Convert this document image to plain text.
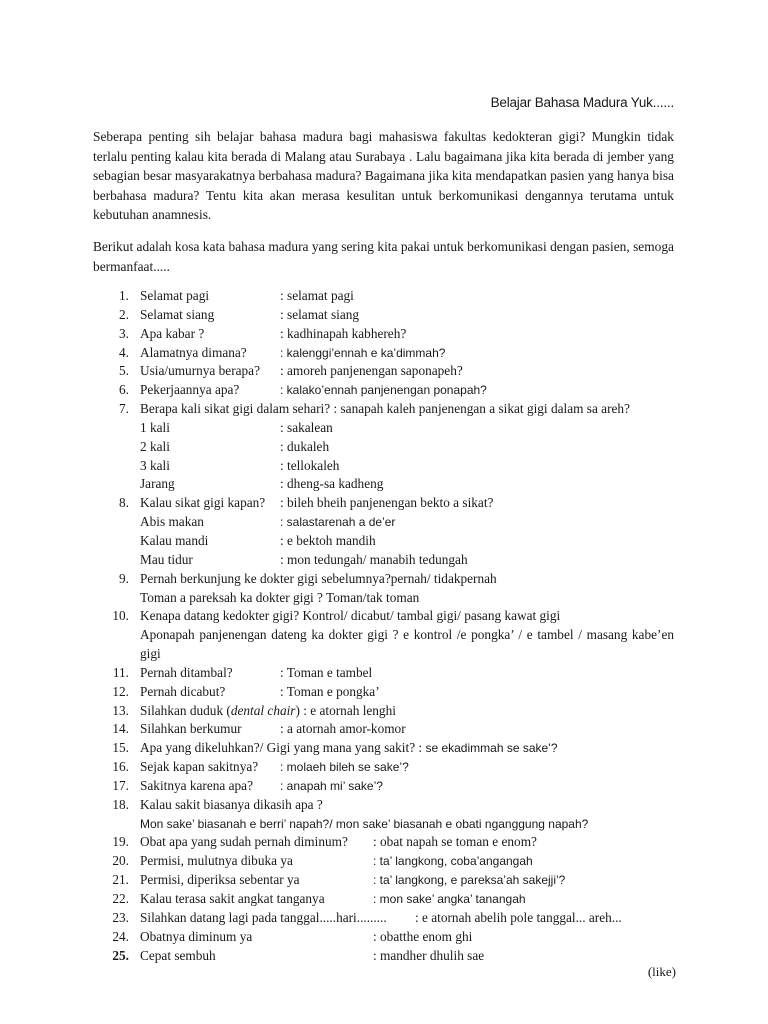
Belajar Bahasa Madura Yuk......

Seberapa penting sih belajar bahasa madura bagi mahasiswa fakultas kedokteran gigi? Mungkin tidak terlalu penting kalau kita berada di Malang atau Surabaya . Lalu bagaimana jika kita berada di jember yang sebagian besar masyarakatnya berbahasa madura? Bagaimana jika kita mendapatkan pasien yang hanya bisa berbahasa madura? Tentu kita akan merasa kesulitan untuk berkomunikasi dengannya terutama untuk kebutuhan anamnesis.

Berikut adalah kosa kata bahasa madura yang sering kita pakai untuk berkomunikasi dengan pasien, semoga bermanfaat.....

1. Selamat pagi	: selamat pagi
2. Selamat siang	: selamat siang
3. Apa kabar ?	: kadhinapah kabhereh?
4. Alamatnya dimana?	: kalenggi’ennah e ka’dimmah?
5. Usia/umurnya berapa? : amoreh panjenengan saponapeh?
6. Pekerjaannya apa?	: kalako’ennah panjenengan ponapah?
7. Berapa kali sikat gigi dalam sehari? : sanapah kaleh panjenengan a sikat gigi dalam sa areh?
1 kali	: sakalean
2 kali	: dukaleh
3 kali	: tellokaleh
Jarang	: dheng-sa kadheng
8. Kalau sikat gigi kapan? : bileh bheih panjenengan bekto a sikat?
Abis makan	: salastarenah a de’er
Kalau mandi	: e bektoh mandih
Mau tidur	: mon tedungah/ manabih tedungah
9. Pernah berkunjung ke dokter gigi sebelumnya?pernah/ tidakpernah
Toman a pareksah ka dokter gigi ? Toman/tak toman
10. Kenapa datang kedokter gigi? Kontrol/ dicabut/ tambal gigi/ pasang kawat gigi
Aponapah panjenengan dateng ka dokter gigi ? e kontrol /e pongka’ / e tambel / masang kabe’en gigi
11. Pernah ditambal?	: Toman e tambel
12. Pernah dicabut?	: Toman e pongka’
13. Silahkan duduk (dental chair) : e atornah lenghi
14. Silahkan berkumur	: a atornah amor-komor
15. Apa yang dikeluhkan?/ Gigi yang mana yang sakit? : se ekadimmah se sake’?
16. Sejak kapan sakitnya? : molaeh bileh se sake’?
17. Sakitnya karena apa? : anapah mi’ sake’?
18. Kalau sakit biasanya dikasih apa ?
Mon sake’ biasanah e berri’ napah?/ mon sake’ biasanah e obati nganggung napah?
19. Obat apa yang sudah pernah diminum? : obat napah se toman e enom?
20. Permisi, mulutnya dibuka ya	: ta’ langkong, coba’angangah
21. Permisi, diperiksa sebentar ya	: ta’ langkong, e pareksa’ah sakejji’?
22. Kalau terasa sakit angkat tanganya	: mon sake’ angka’ tanangah
23. Silahkan datang lagi pada tanggal.....hari......... : e atornah abelih pole tanggal... areh...
24. Obatnya diminum ya	: obatthe enom ghi
25. Cepat sembuh	: mandher dhulih sae
(like)
